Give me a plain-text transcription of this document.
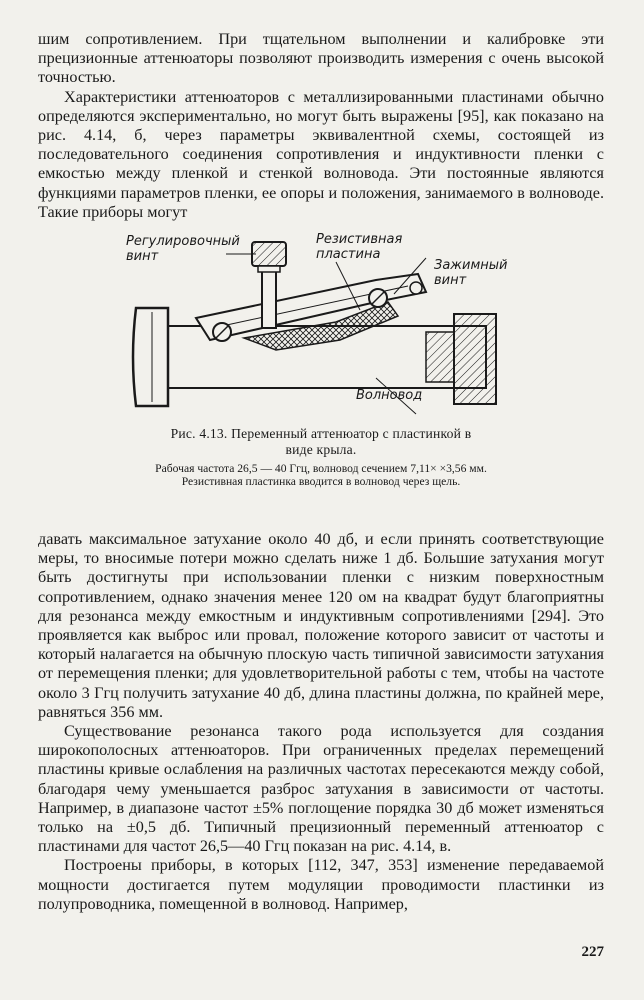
шим сопротивлением. При тщательном выполнении и калибровке эти прецизионные аттенюаторы позволяют производить измерения с очень высокой точностью.

Характеристики аттенюаторов с металлизированными пластинами обычно определяются экспериментально, но могут быть выражены [95], как показано на рис. 4.14, б, через параметры эквивалентной схемы, состоящей из последовательного соединения сопротивления и индуктивности пленки с емкостью между пленкой и стенкой волновода. Эти постоянные являются функциями параметров пленки, ее опоры и положения, занимаемого в волноводе. Такие приборы могут

Регулировочный
винт
Резистивная
пластина
Зажимный
винт
Волновод

Рис. 4.13. Переменный аттенюатор с пластинкой в виде крыла.

Рабочая частота 26,5 — 40 Ггц, волновод сечением 7,11× ×3,56 мм. Резистивная пластинка вводится в волновод через щель.

давать максимальное затухание около 40 дб, и если принять соответствующие меры, то вносимые потери можно сделать ниже 1 дб. Большие затухания могут быть достигнуты при использовании пленки с низким поверхностным сопротивлением, однако значения менее 120 ом на квадрат будут благоприятны для резонанса между емкостным и индуктивным сопротивлениями [294]. Это проявляется как выброс или провал, положение которого зависит от частоты и который налагается на обычную плоскую часть типичной зависимости затухания от перемещения пленки; для удовлетворительной работы с тем, чтобы на частоте около 3 Ггц получить затухание 40 дб, длина пластины должна, по крайней мере, равняться 356 мм.

Существование резонанса такого рода используется для создания широкополосных аттенюаторов. При ограниченных пределах перемещений пластины кривые ослабления на различных частотах пересекаются между собой, благодаря чему уменьшается разброс затухания в зависимости от частоты. Например, в диапазоне частот ±5% поглощение порядка 30 дб может изменяться только на ±0,5 дб. Типичный прецизионный переменный аттенюатор с пластинами для частот 26,5—40 Ггц показан на рис. 4.14, в.

Построены приборы, в которых [112, 347, 353] изменение передаваемой мощности достигается путем модуляции проводимости пластинки из полупроводника, помещенной в волновод. Например,

227
